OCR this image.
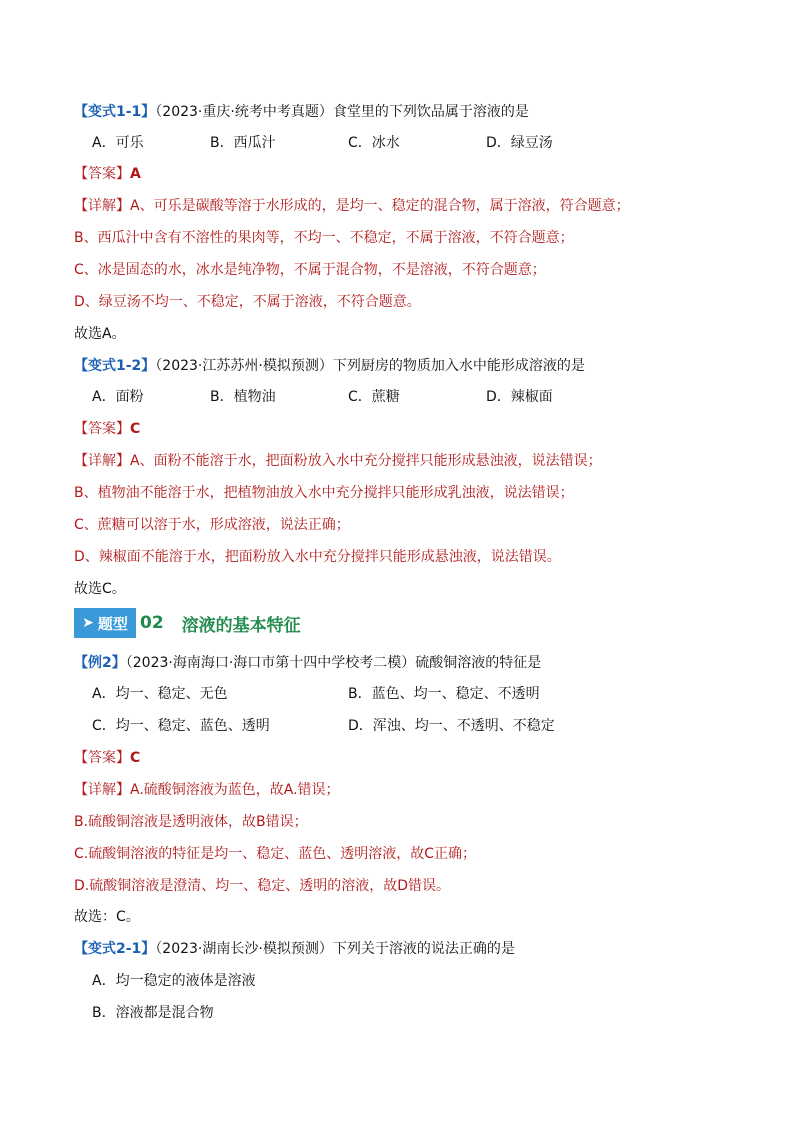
【变式1-1】（2023·重庆·统考中考真题）食堂里的下列饮品属于溶液的是
A．可乐	B．西瓜汁	C．冰水	D．绿豆汤
【答案】A
【详解】A、可乐是碳酸等溶于水形成的，是均一、稳定的混合物，属于溶液，符合题意；
B、西瓜汁中含有不溶性的果肉等，不均一、不稳定，不属于溶液，不符合题意；
C、冰是固态的水，冰水是纯净物，不属于混合物，不是溶液，不符合题意；
D、绿豆汤不均一、不稳定，不属于溶液，不符合题意。
故选A。
【变式1-2】（2023·江苏苏州·模拟预测）下列厨房的物质加入水中能形成溶液的是
A．面粉	B．植物油	C．蔗糖	D．辣椒面
【答案】C
【详解】A、面粉不能溶于水，把面粉放入水中充分搅拌只能形成悬浊液，说法错误；
B、植物油不能溶于水，把植物油放入水中充分搅拌只能形成乳浊液，说法错误；
C、蔗糖可以溶于水，形成溶液，说法正确；
D、辣椒面不能溶于水，把面粉放入水中充分搅拌只能形成悬浊液，说法错误。
故选C。
➤ 题型 02 溶液的基本特征
【例2】（2023·海南海口·海口市第十四中学校考二模）硫酸铜溶液的特征是
A．均一、稳定、无色	B．蓝色、均一、稳定、不透明
C．均一、稳定、蓝色、透明	D．浑浊、均一、不透明、不稳定
【答案】C
【详解】A.硫酸铜溶液为蓝色，故A.错误；
B.硫酸铜溶液是透明液体，故B错误；
C.硫酸铜溶液的特征是均一、稳定、蓝色、透明溶液，故C正确；
D.硫酸铜溶液是澄清、均一、稳定、透明的溶液，故D错误。
故选：C。
【变式2-1】（2023·湖南长沙·模拟预测）下列关于溶液的说法正确的是
A．均一稳定的液体是溶液
B．溶液都是混合物
